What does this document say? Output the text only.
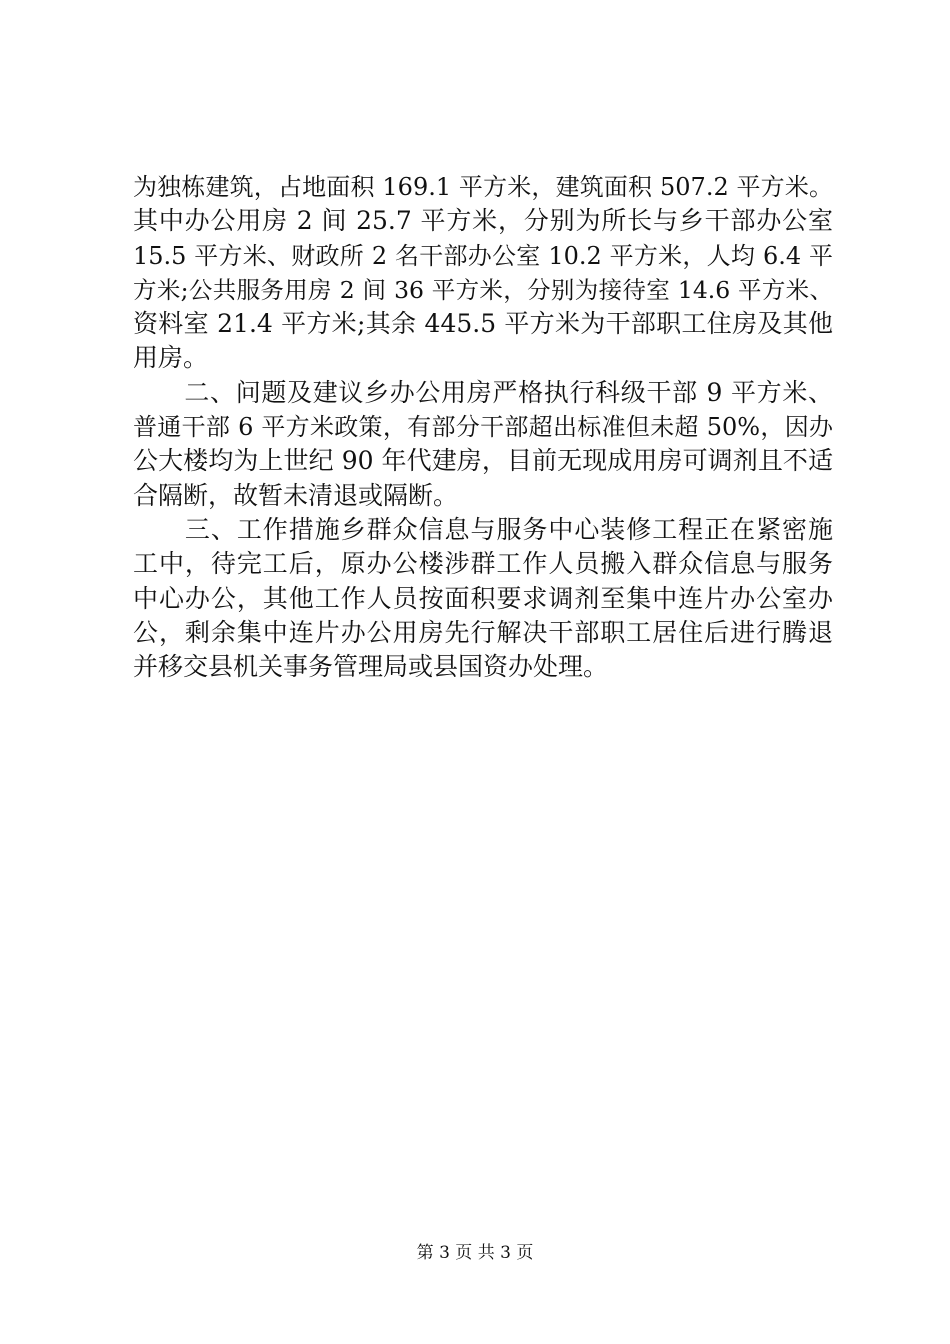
为独栋建筑，占地面积 169.1 平方米，建筑面积 507.2 平方米。
其中办公用房 2 间 25.7 平方米，分别为所长与乡干部办公室
15.5 平方米、财政所 2 名干部办公室 10.2 平方米，人均 6.4 平
方米;公共服务用房 2 间 36 平方米，分别为接待室 14.6 平方米、
资料室 21.4 平方米;其余 445.5 平方米为干部职工住房及其他
用房。
　　二、问题及建议乡办公用房严格执行科级干部 9 平方米、
普通干部 6 平方米政策，有部分干部超出标准但未超 50%，因办
公大楼均为上世纪 90 年代建房，目前无现成用房可调剂且不适
合隔断，故暂未清退或隔断。
　　三、工作措施乡群众信息与服务中心装修工程正在紧密施
工中，待完工后，原办公楼涉群工作人员搬入群众信息与服务
中心办公，其他工作人员按面积要求调剂至集中连片办公室办
公，剩余集中连片办公用房先行解决干部职工居住后进行腾退
并移交县机关事务管理局或县国资办处理。
第 3 页 共 3 页
